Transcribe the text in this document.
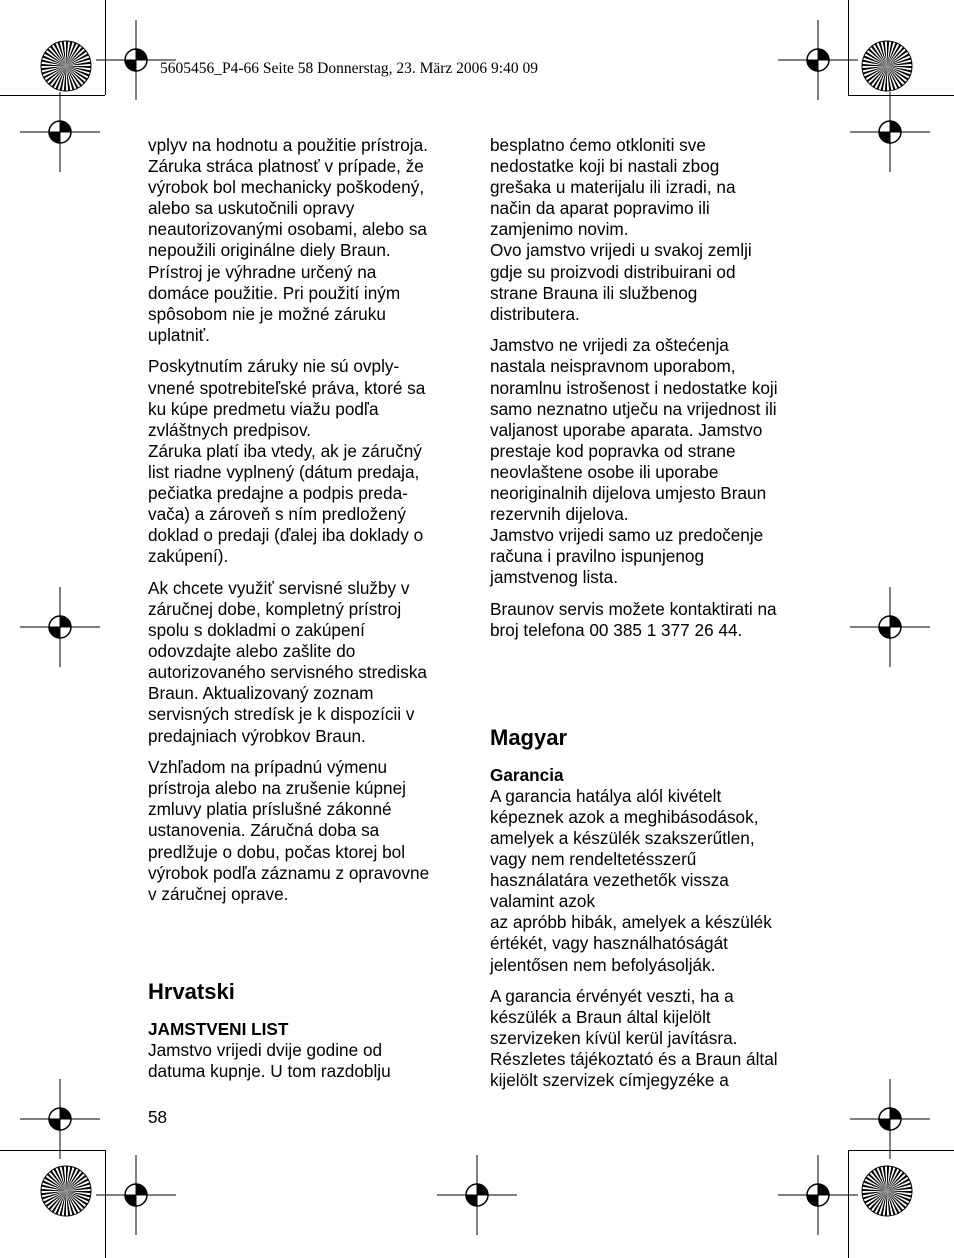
5605456_P4-66 Seite 58 Donnerstag, 23. März 2006 9:40 09

vplyv na hodnotu a použitie prístroja.
Záruka stráca platnosť v prípade, že
výrobok bol mechanicky poškodený,
alebo sa uskutočnili opravy
neautorizovanými osobami, alebo sa
nepoužili originálne diely Braun.
Prístroj je výhradne určený na
domáce použitie. Pri použití iným
spôsobom nie je možné záruku
uplatniť.

Poskytnutím záruky nie sú ovply-
vnené spotrebiteľské práva, ktoré sa
ku kúpe predmetu viažu podľa
zvláštnych predpisov.
Záruka platí iba vtedy, ak je záručný
list riadne vyplnený (dátum predaja,
pečiatka predajne a podpis preda-
vača) a zároveň s ním predložený
doklad o predaji (ďalej iba doklady o
zakúpení).

Ak chcete využiť servisné služby v
záručnej dobe, kompletný prístroj
spolu s dokladmi o zakúpení
odovzdajte alebo zašlite do
autorizovaného servisného strediska
Braun. Aktualizovaný zoznam
servisných stredísk je k dispozícii v
predajniach výrobkov Braun.

Vzhľadom na prípadnú výmenu
prístroja alebo na zrušenie kúpnej
zmluvy platia príslušné zákonné
ustanovenia. Záručná doba sa
predlžuje o dobu, počas ktorej bol
výrobok podľa záznamu z opravovne
v záručnej oprave.

Hrvatski
JAMSTVENI LIST

Jamstvo vrijedi dvije godine od
datuma kupnje. U tom razdoblju

besplatno ćemo otkloniti sve
nedostatke koji bi nastali zbog
grešaka u materijalu ili izradi, na
način da aparat popravimo ili
zamjenimo novim.
Ovo jamstvo vrijedi u svakoj zemlji
gdje su proizvodi distribuirani od
strane Brauna ili službenog
distributera.

Jamstvo ne vrijedi za oštećenja
nastala neispravnom uporabom,
noramlnu istrošenost i nedostatke koji
samo neznatno utječu na vrijednost ili
valjanost uporabe aparata. Jamstvo
prestaje kod popravka od strane
neovlaštene osobe ili uporabe
neoriginalnih dijelova umjesto Braun
rezervnih dijelova.
Jamstvo vrijedi samo uz predočenje
računa i pravilno ispunjenog
jamstvenog lista.

Braunov servis možete kontaktirati na
broj telefona 00 385 1 377 26 44.

Magyar
Garancia

A garancia hatálya alól kivételt
képeznek azok a meghibásodások,
amelyek a készülék szakszerűtlen,
vagy nem rendeltetésszerű
használatára vezethetők vissza
valamint azok
az apróbb hibák, amelyek a készülék
értékét, vagy használhatóságát
jelentősen nem befolyásolják.

A garancia érvényét veszti, ha a
készülék a Braun által kijelölt
szervizeken kívül kerül javításra.
Részletes tájékoztató és a Braun által
kijelölt szervizek címjegyzéke a

58
